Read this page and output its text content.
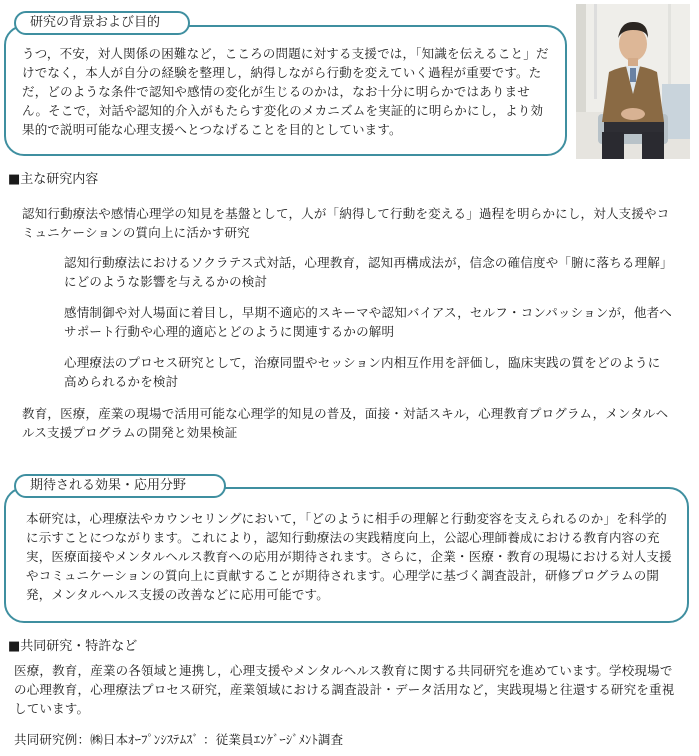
研究の背景および目的
うつ，不安，対人関係の困難など，こころの問題に対する支援では，「知識を伝えること」だけでなく，本人が自分の経験を整理し，納得しながら行動を変えていく過程が重要です。ただ，どのような条件で認知や感情の変化が生じるのかは，なお十分に明らかではありません。そこで，対話や認知的介入がもたらす変化のメカニズムを実証的に明らかにし，より効果的で説明可能な心理支援へとつなげることを目的としています。
■主な研究内容
認知行動療法や感情心理学の知見を基盤として，人が「納得して行動を変える」過程を明らかにし，対人支援やコミュニケーションの質向上に活かす研究
認知行動療法におけるソクラテス式対話，心理教育，認知再構成法が，信念の確信度や「腑に落ちる理解」にどのような影響を与えるかの検討
感情制御や対人場面に着目し，早期不適応的スキーマや認知バイアス，セルフ・コンパッションが，他者へサポート行動や心理的適応とどのように関連するかの解明
心理療法のプロセス研究として，治療同盟やセッション内相互作用を評価し，臨床実践の質をどのように高められるかを検討
教育，医療，産業の現場で活用可能な心理学的知見の普及，面接・対話スキル，心理教育プログラム，メンタルヘルス支援プログラムの開発と効果検証
期待される効果・応用分野
本研究は，心理療法やカウンセリングにおいて，「どのように相手の理解と行動変容を支えられるのか」を科学的に示すことにつながります。これにより，認知行動療法の実践精度向上，公認心理師養成における教育内容の充実，医療面接やメンタルヘルス教育への応用が期待されます。さらに，企業・医療・教育の現場における対人支援やコミュニケーションの質向上に貢献することが期待されます。心理学に基づく調査設計，研修プログラムの開発，メンタルヘルス支援の改善などに応用可能です。
■共同研究・特許など
医療，教育，産業の各領域と連携し，心理支援やメンタルヘルス教育に関する共同研究を進めています。学校現場での心理教育，心理療法プロセス研究，産業領域における調査設計・データ活用など，実践現場と往還する研究を重視しています。
共同研究例：㈱日本ｵｰﾌﾟﾝｼｽﾃﾑｽﾞ ：従業員ｴﾝｹﾞｰｼﾞﾒﾝﾄ調査
